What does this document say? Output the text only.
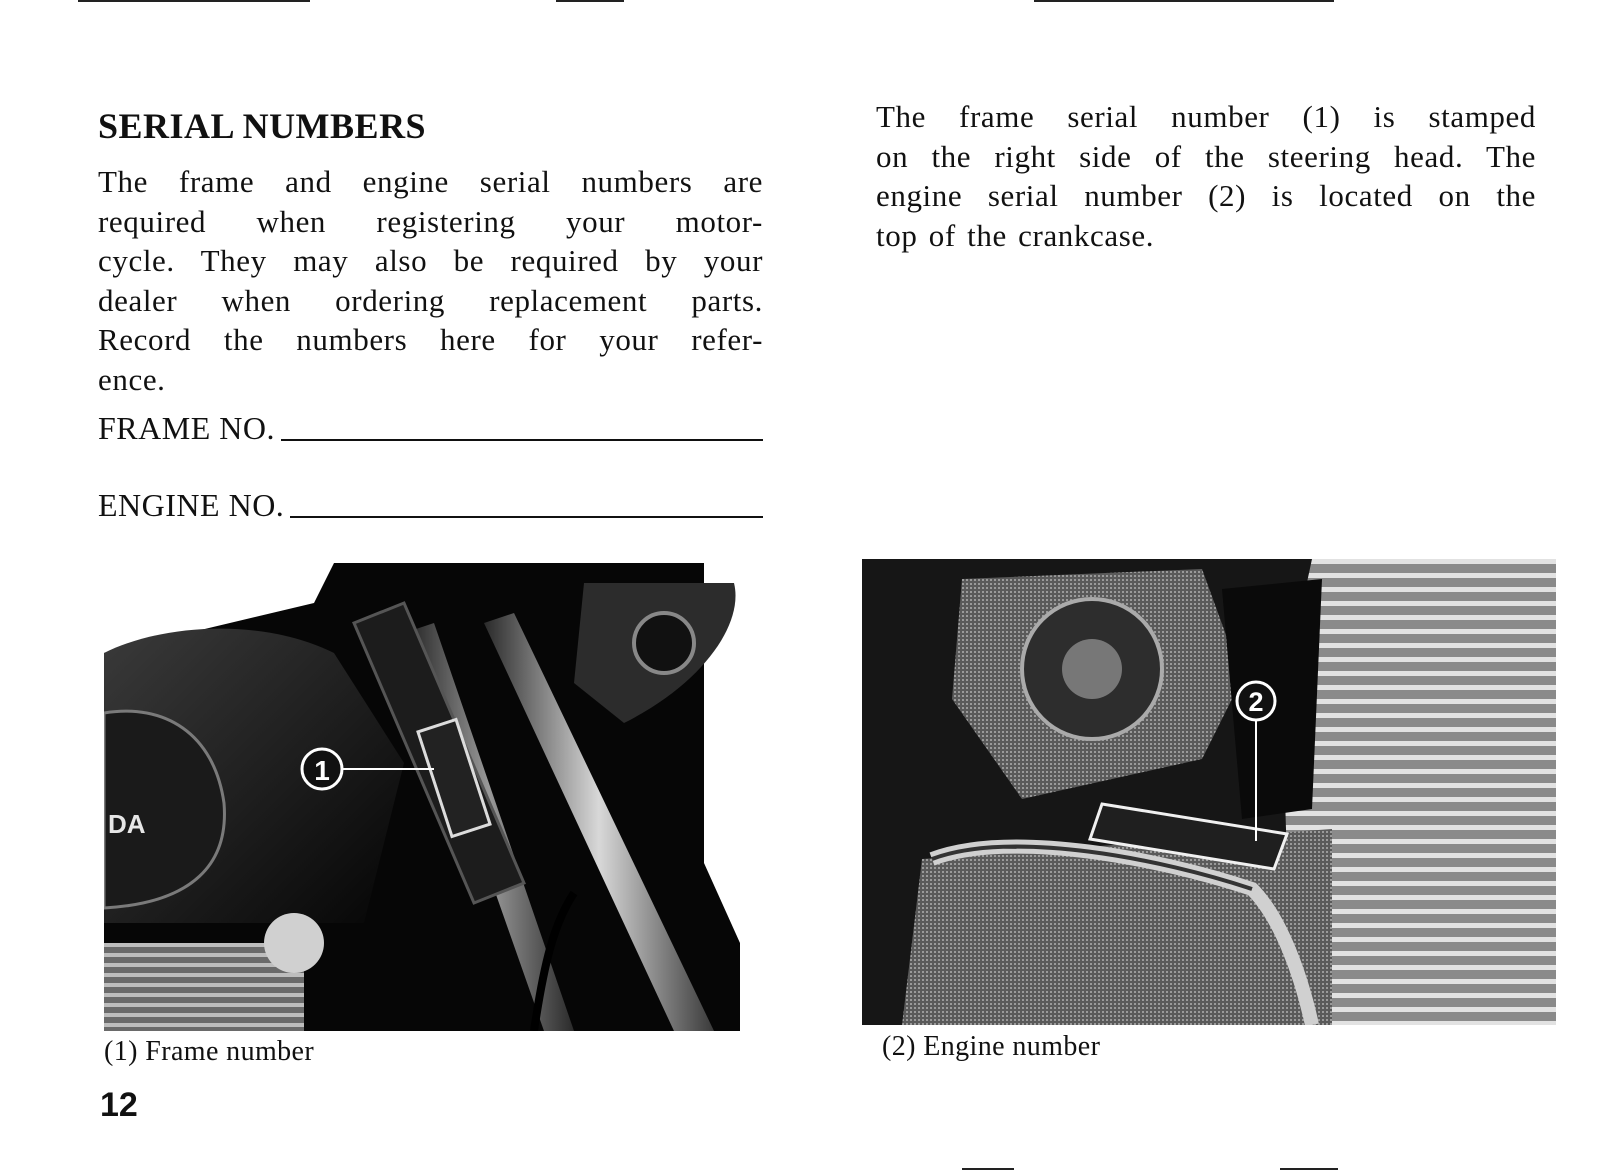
SERIAL NUMBERS

The frame and engine serial numbers are

required when registering your motor-

cycle. They may also be required by your

dealer when ordering replacement parts.

Record the numbers here for your refer-

ence.

FRAME NO.
ENGINE NO.

The frame serial number (1) is stamped

on the right side of the steering head. The

engine serial number (2) is located on the

top of the crankcase.

DA
1
(1) Frame number
2
(2) Engine number
12
